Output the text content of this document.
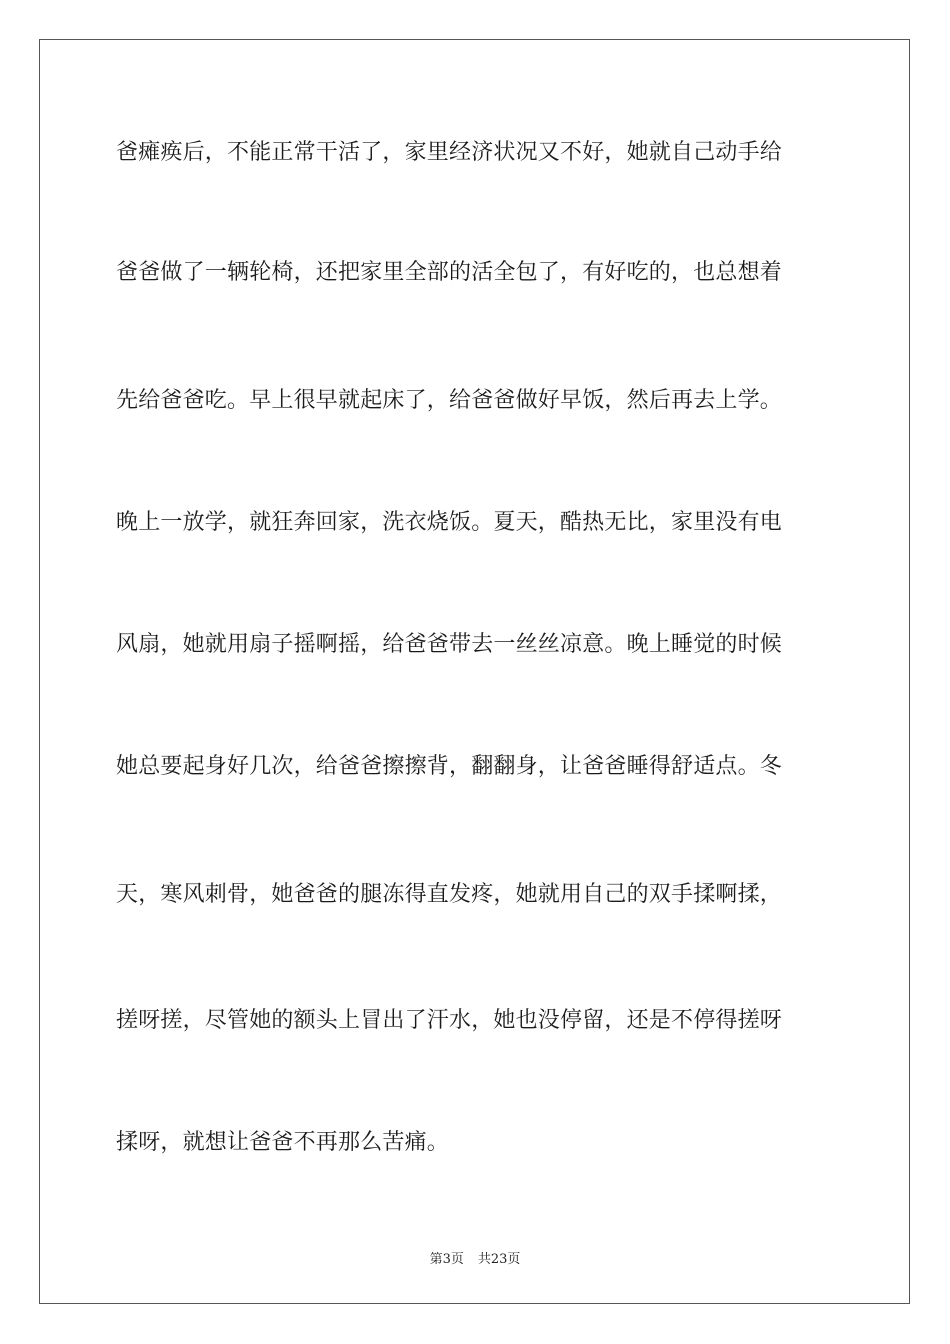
爸瘫痪后，不能正常干活了，家里经济状况又不好，她就自己动手给
爸爸做了一辆轮椅，还把家里全部的活全包了，有好吃的，也总想着
先给爸爸吃。早上很早就起床了，给爸爸做好早饭，然后再去上学。
晚上一放学，就狂奔回家，洗衣烧饭。夏天，酷热无比，家里没有电
风扇，她就用扇子摇啊摇，给爸爸带去一丝丝凉意。晚上睡觉的时候
她总要起身好几次，给爸爸擦擦背，翻翻身，让爸爸睡得舒适点。冬
天，寒风刺骨，她爸爸的腿冻得直发疼，她就用自己的双手揉啊揉，
搓呀搓，尽管她的额头上冒出了汗水，她也没停留，还是不停得搓呀
揉呀，就想让爸爸不再那么苦痛。
第3页 共23页
